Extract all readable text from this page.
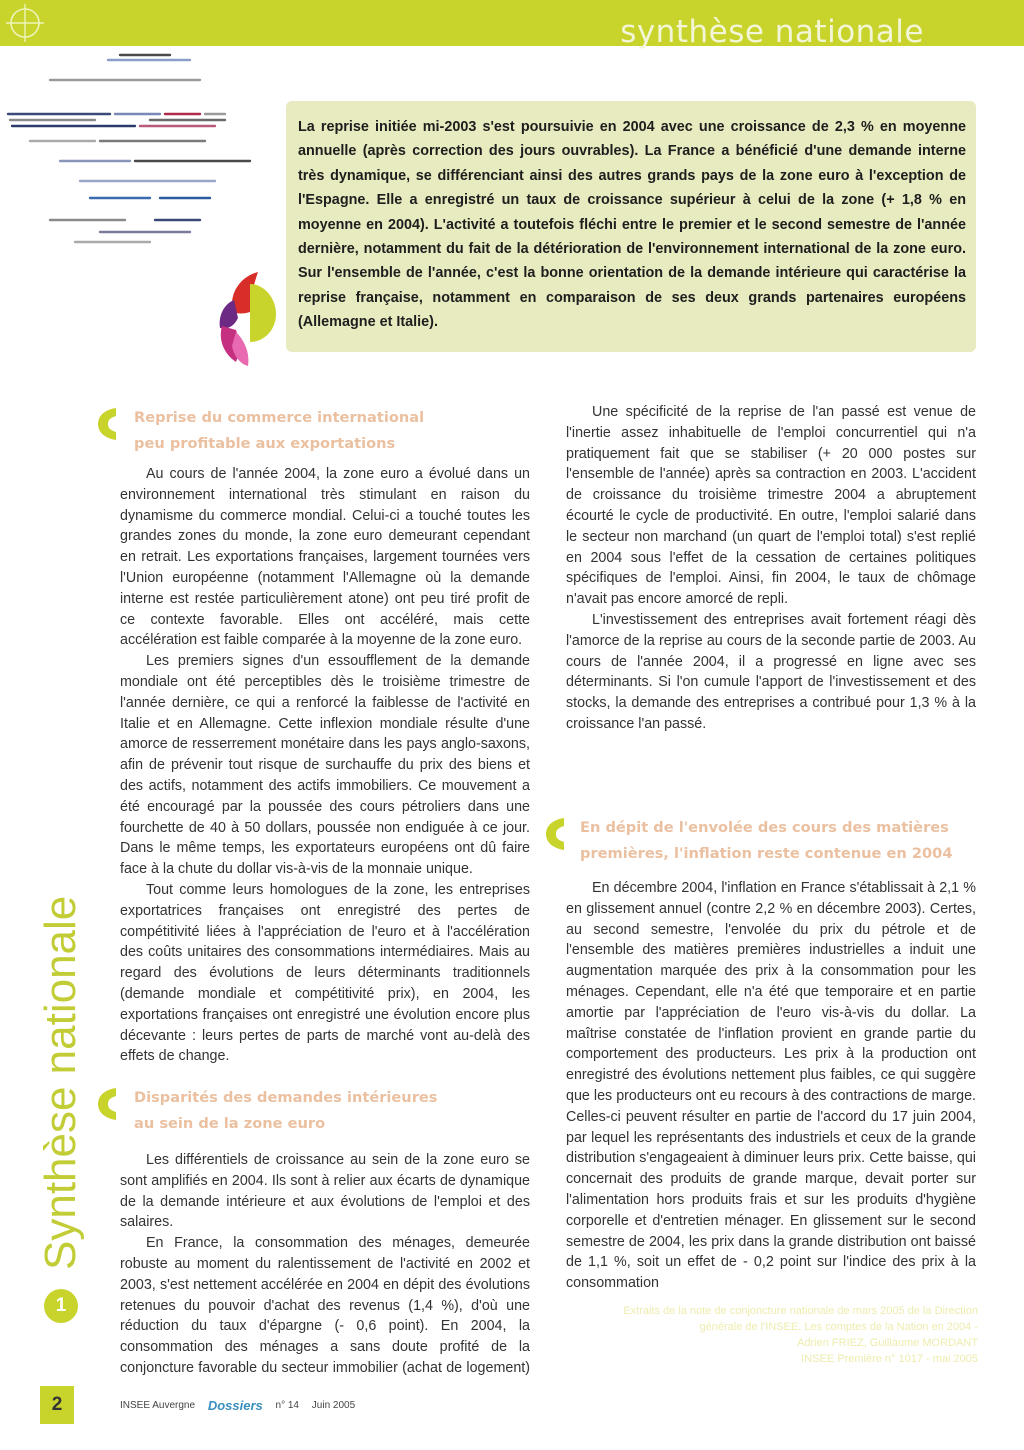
synthèse nationale

La reprise initiée mi-2003 s'est poursuivie en 2004 avec une croissance de 2,3 % en moyenne annuelle (après correction des jours ouvrables). La France a bénéficié d'une demande interne très dynamique, se différenciant ainsi des autres grands pays de la zone euro à l'exception de l'Espagne. Elle a enregistré un taux de croissance supérieur à celui de la zone (+ 1,8 % en moyenne en 2004). L'activité a toutefois fléchi entre le premier et le second semestre de l'année dernière, notamment du fait de la détérioration de l'environnement international de la zone euro. Sur l'ensemble de l'année, c'est la bonne orientation de la demande intérieure qui caractérise la reprise française, notamment en comparaison de ses deux grands partenaires européens (Allemagne et Italie).

Reprise du commerce international
peu profitable aux exportations

Au cours de l'année 2004, la zone euro a évolué dans un environnement international très stimulant en raison du dynamisme du commerce mondial. Celui-ci a touché toutes les grandes zones du monde, la zone euro demeurant cependant en retrait. Les exportations françaises, largement tournées vers l'Union européenne (notamment l'Allemagne où la demande interne est restée particulièrement atone) ont peu tiré profit de ce contexte favorable. Elles ont accéléré, mais cette accélération est faible comparée à la moyenne de la zone euro.

Les premiers signes d'un essoufflement de la demande mondiale ont été perceptibles dès le troisième trimestre de l'année dernière, ce qui a renforcé la faiblesse de l'activité en Italie et en Allemagne. Cette inflexion mondiale résulte d'une amorce de resserrement monétaire dans les pays anglo-saxons, afin de prévenir tout risque de surchauffe du prix des biens et des actifs, notamment des actifs immobiliers. Ce mouvement a été encouragé par la poussée des cours pétroliers dans une fourchette de 40 à 50 dollars, poussée non endiguée à ce jour. Dans le même temps, les exportateurs européens ont dû faire face à la chute du dollar vis-à-vis de la monnaie unique.

Tout comme leurs homologues de la zone, les entreprises exportatrices françaises ont enregistré des pertes de compétitivité liées à l'appréciation de l'euro et à l'accélération des coûts unitaires des consommations intermédiaires. Mais au regard des évolutions de leurs déterminants traditionnels (demande mondiale et compétitivité prix), en 2004, les exportations françaises ont enregistré une évolution encore plus décevante : leurs pertes de parts de marché vont au-delà des effets de change.

Disparités des demandes intérieures
au sein de la zone euro

Les différentiels de croissance au sein de la zone euro se sont amplifiés en 2004. Ils sont à relier aux écarts de dynamique de la demande intérieure et aux évolutions de l'emploi et des salaires.

En France, la consommation des ménages, demeurée robuste au moment du ralentissement de l'activité en 2002 et 2003, s'est nettement accélérée en 2004 en dépit des évolutions retenues du pouvoir d'achat des revenus (1,4 %), d'où une réduction du taux d'épargne (- 0,6 point). En 2004, la consommation des ménages a sans doute profité de la conjoncture favorable du secteur immobilier (achat de logement)

Une spécificité de la reprise de l'an passé est venue de l'inertie assez inhabituelle de l'emploi concurrentiel qui n'a pratiquement fait que se stabiliser (+ 20 000 postes sur l'ensemble de l'année) après sa contraction en 2003. L'accident de croissance du troisième trimestre 2004 a abruptement écourté le cycle de productivité. En outre, l'emploi salarié dans le secteur non marchand (un quart de l'emploi total) s'est replié en 2004 sous l'effet de la cessation de certaines politiques spécifiques de l'emploi. Ainsi, fin 2004, le taux de chômage n'avait pas encore amorcé de repli.

L'investissement des entreprises avait fortement réagi dès l'amorce de la reprise au cours de la seconde partie de 2003. Au cours de l'année 2004, il a progressé en ligne avec ses déterminants. Si l'on cumule l'apport de l'investissement et des stocks, la demande des entreprises a contribué pour 1,3 % à la croissance l'an passé.

En dépit de l'envolée des cours des matières
premières, l'inflation reste contenue en 2004

En décembre 2004, l'inflation en France s'établissait à 2,1 % en glissement annuel (contre 2,2 % en décembre 2003). Certes, au second semestre, l'envolée du prix du pétrole et de l'ensemble des matières premières industrielles a induit une augmentation marquée des prix à la consommation pour les ménages. Cependant, elle n'a été que temporaire et en partie amortie par l'appréciation de l'euro vis-à-vis du dollar. La maîtrise constatée de l'inflation provient en grande partie du comportement des producteurs. Les prix à la production ont enregistré des évolutions nettement plus faibles, ce qui suggère que les producteurs ont eu recours à des contractions de marge. Celles-ci peuvent résulter en partie de l'accord du 17 juin 2004, par lequel les représentants des industriels et ceux de la grande distribution s'engageaient à diminuer leurs prix. Cette baisse, qui concernait des produits de grande marque, devait porter sur l'alimentation hors produits frais et sur les produits d'hygiène corporelle et d'entretien ménager. En glissement sur le second semestre de 2004, les prix dans la grande distribution ont baissé de 1,1 %, soit un effet de - 0,2 point sur l'indice des prix à la consommation

Extraits de la note de conjoncture nationale de mars 2005 de la Direction
générale de l'INSEE. Les comptes de la Nation en 2004 -
Adrien FRIEZ, Guillaume MORDANT
INSEE Première n° 1017 - mai 2005
Synthèse nationale
1
2	INSEE Auvergne Dossiers n° 14 Juin 2005
